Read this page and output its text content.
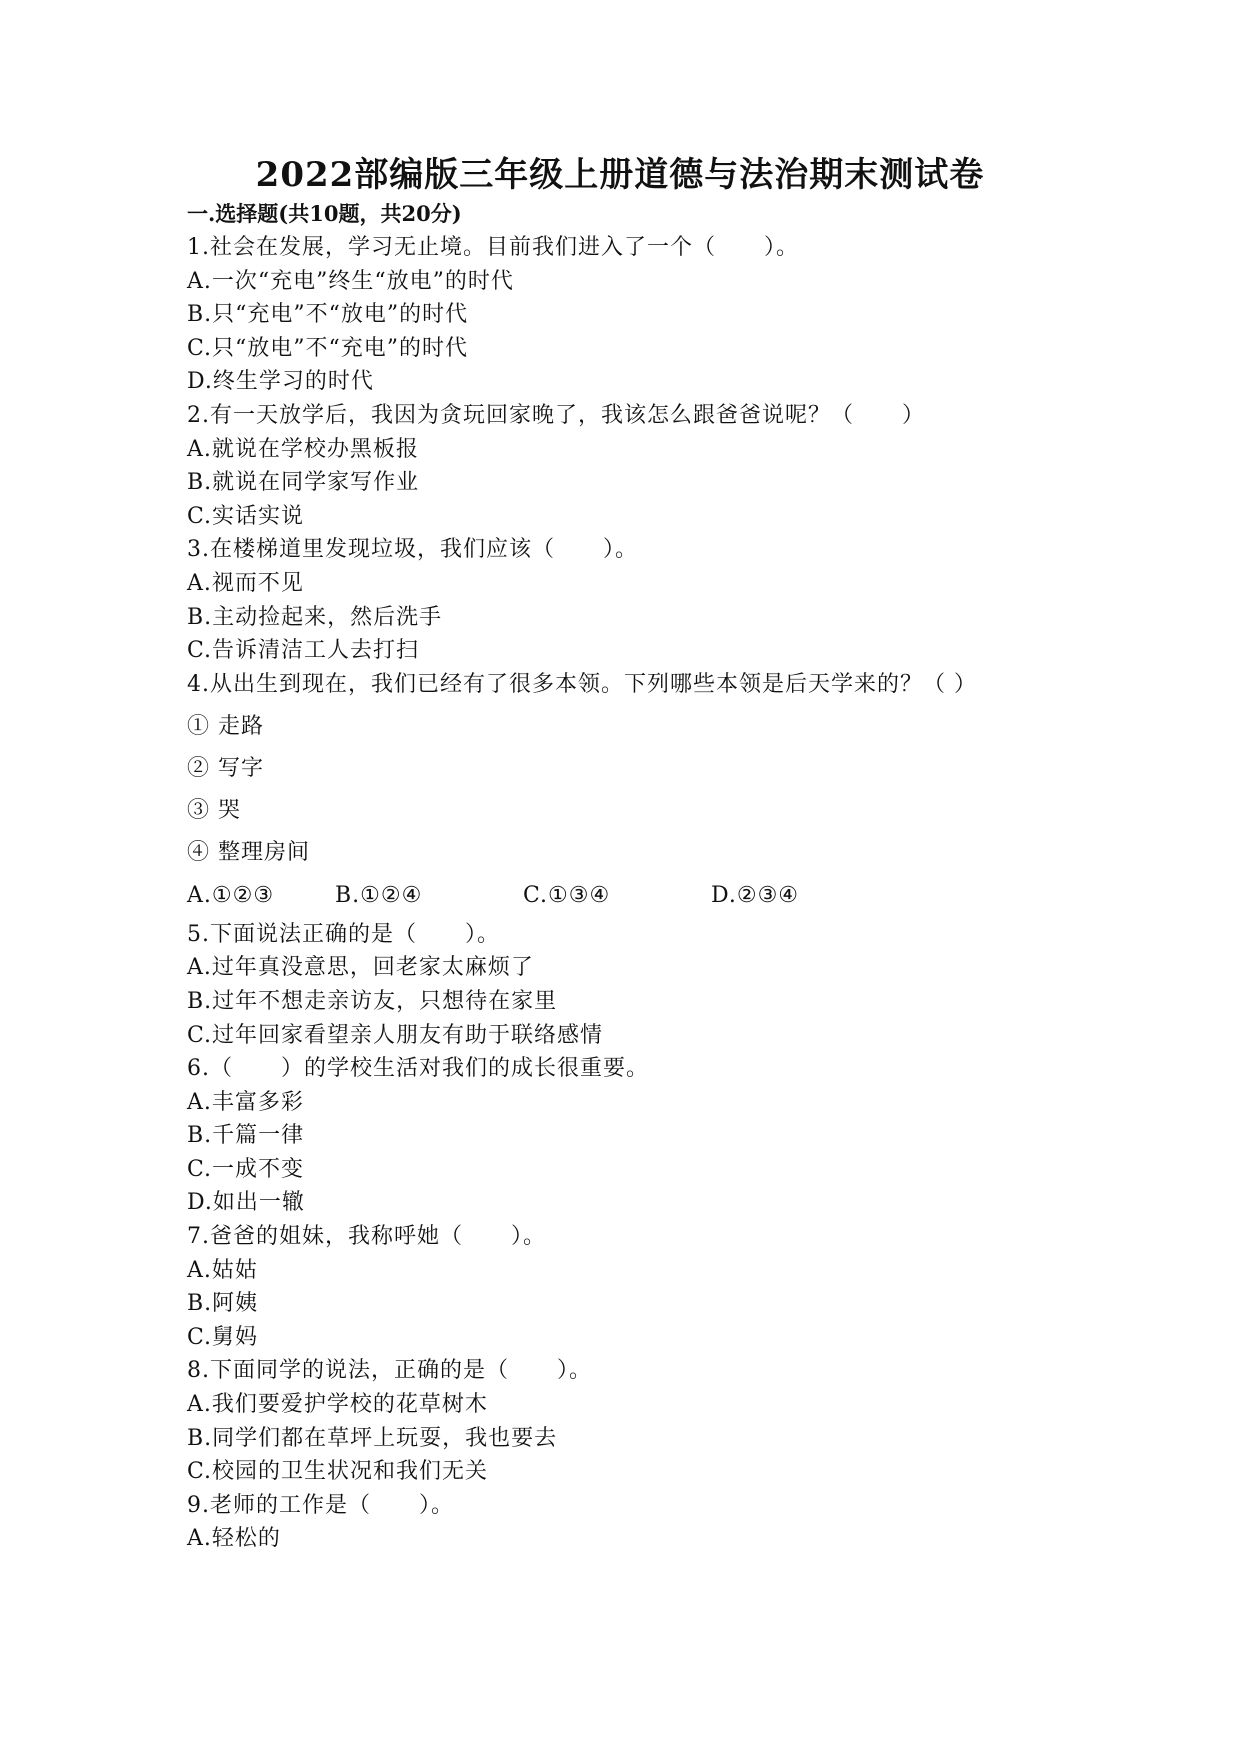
2022部编版三年级上册道德与法治期末测试卷
一.选择题(共10题，共20分)
1.社会在发展，学习无止境。目前我们进入了一个（      ）。
A.一次“充电”终生“放电”的时代
B.只“充电”不“放电”的时代
C.只“放电”不“充电”的时代
D.终生学习的时代
2.有一天放学后，我因为贪玩回家晚了，我该怎么跟爸爸说呢？（      ）
A.就说在学校办黑板报
B.就说在同学家写作业
C.实话实说
3.在楼梯道里发现垃圾，我们应该（      ）。
A.视而不见
B.主动捡起来，然后洗手
C.告诉清洁工人去打扫
4.从出生到现在，我们已经有了很多本领。下列哪些本领是后天学来的？（ ）
① 走路
② 写字
③ 哭
④ 整理房间
A.①②③	B.①②④	C.①③④	D.②③④
5.下面说法正确的是（      ）。
A.过年真没意思，回老家太麻烦了
B.过年不想走亲访友，只想待在家里
C.过年回家看望亲人朋友有助于联络感情
6.（      ）的学校生活对我们的成长很重要。
A.丰富多彩
B.千篇一律
C.一成不变
D.如出一辙
7.爸爸的姐妹，我称呼她（      ）。
A.姑姑
B.阿姨
C.舅妈
8.下面同学的说法，正确的是（      ）。
A.我们要爱护学校的花草树木
B.同学们都在草坪上玩耍，我也要去
C.校园的卫生状况和我们无关
9.老师的工作是（      ）。
A.轻松的
